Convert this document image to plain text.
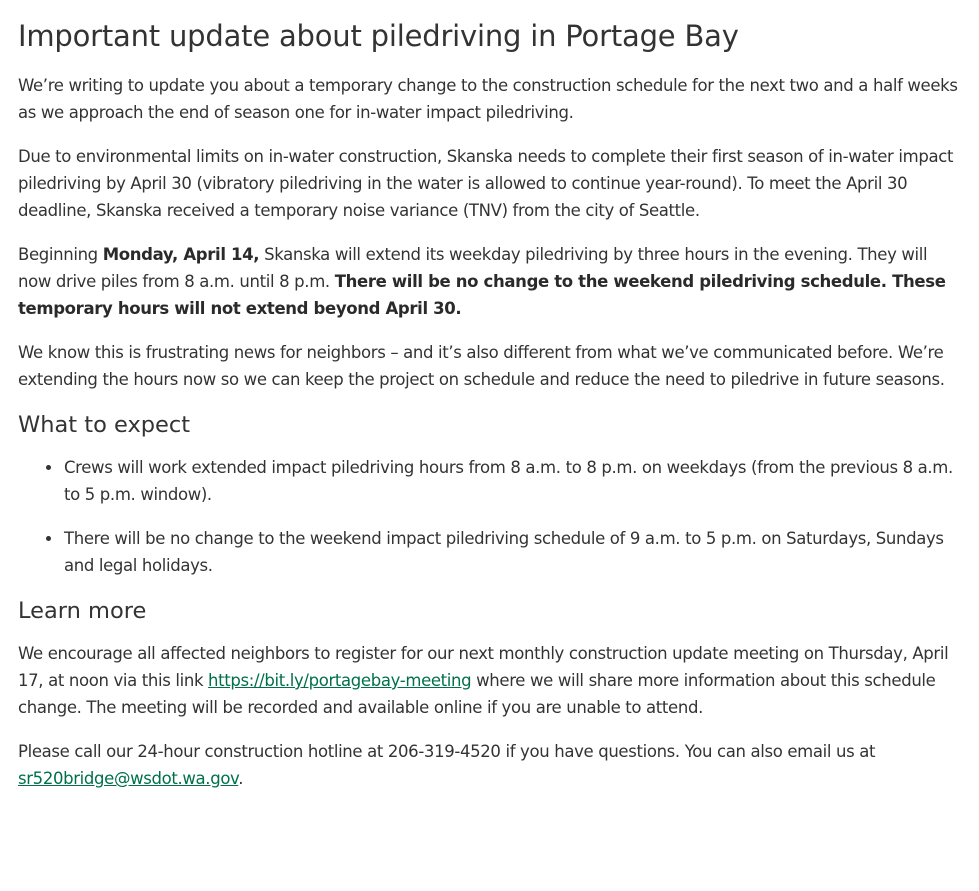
Important update about piledriving in Portage Bay

We’re writing to update you about a temporary change to the construction schedule for the next two and a half weeks as we approach the end of season one for in-water impact piledriving.

Due to environmental limits on in-water construction, Skanska needs to complete their first season of in-water impact piledriving by April 30 (vibratory piledriving in the water is allowed to continue year-round). To meet the April 30 deadline, Skanska received a temporary noise variance (TNV) from the city of Seattle.

Beginning Monday, April 14, Skanska will extend its weekday piledriving by three hours in the evening. They will now drive piles from 8 a.m. until 8 p.m. There will be no change to the weekend piledriving schedule. These temporary hours will not extend beyond April 30.

We know this is frustrating news for neighbors – and it’s also different from what we’ve communicated before. We’re extending the hours now so we can keep the project on schedule and reduce the need to piledrive in future seasons.

What to expect
• Crews will work extended impact piledriving hours from 8 a.m. to 8 p.m. on weekdays (from the previous 8 a.m. to 5 p.m. window).
• There will be no change to the weekend impact piledriving schedule of 9 a.m. to 5 p.m. on Saturdays, Sundays and legal holidays.
Learn more

We encourage all affected neighbors to register for our next monthly construction update meeting on Thursday, April 17, at noon via this link https://bit.ly/portagebay-meeting where we will share more information about this schedule change. The meeting will be recorded and available online if you are unable to attend.

Please call our 24-hour construction hotline at 206-319-4520 if you have questions. You can also email us at sr520bridge@wsdot.wa.gov.
